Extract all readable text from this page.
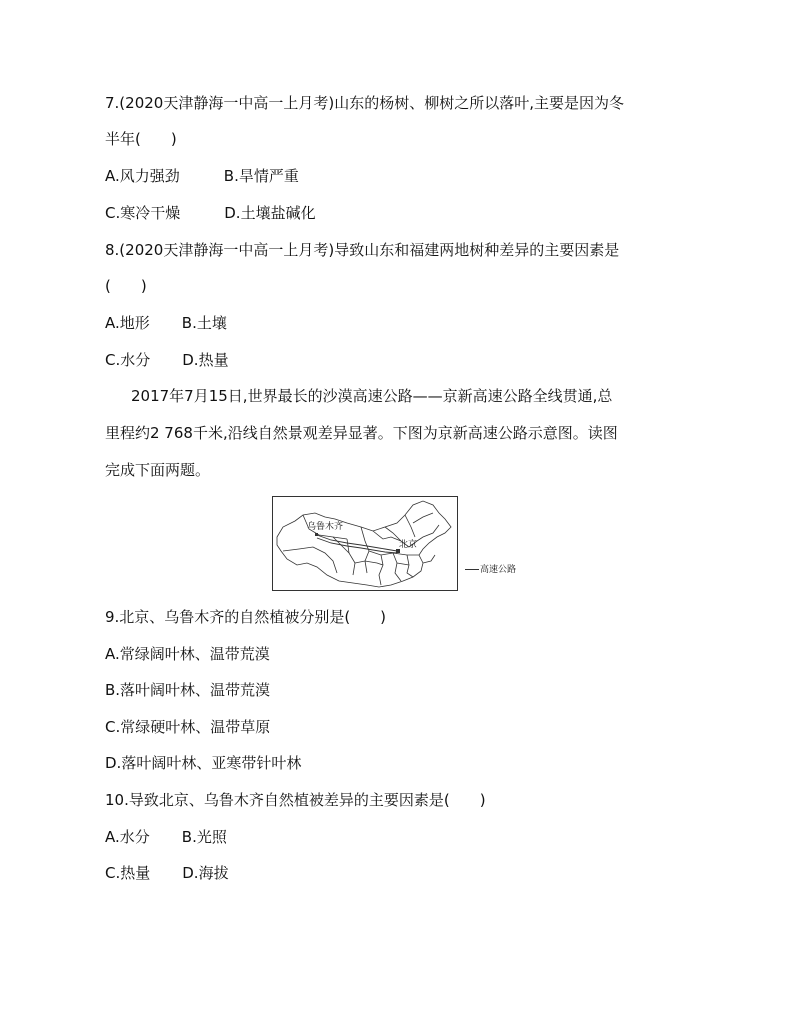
7.(2020天津静海一中高一上月考)山东的杨树、柳树之所以落叶,主要是因为冬
半年(　　)
A.风力强劲	B.旱情严重
C.寒冷干燥	D.土壤盐碱化
8.(2020天津静海一中高一上月考)导致山东和福建两地树种差异的主要因素是
(　　)
A.地形 B.土壤
C.水分 D.热量
2017年7月15日,世界最长的沙漠高速公路——京新高速公路全线贯通,总
里程约2 768千米,沿线自然景观差异显著。下图为京新高速公路示意图。读图
完成下面两题。
乌鲁木齐
北京
高速公路
9.北京、乌鲁木齐的自然植被分别是(　　)
A.常绿阔叶林、温带荒漠
B.落叶阔叶林、温带荒漠
C.常绿硬叶林、温带草原
D.落叶阔叶林、亚寒带针叶林
10.导致北京、乌鲁木齐自然植被差异的主要因素是(　　)
A.水分 B.光照
C.热量 D.海拔
